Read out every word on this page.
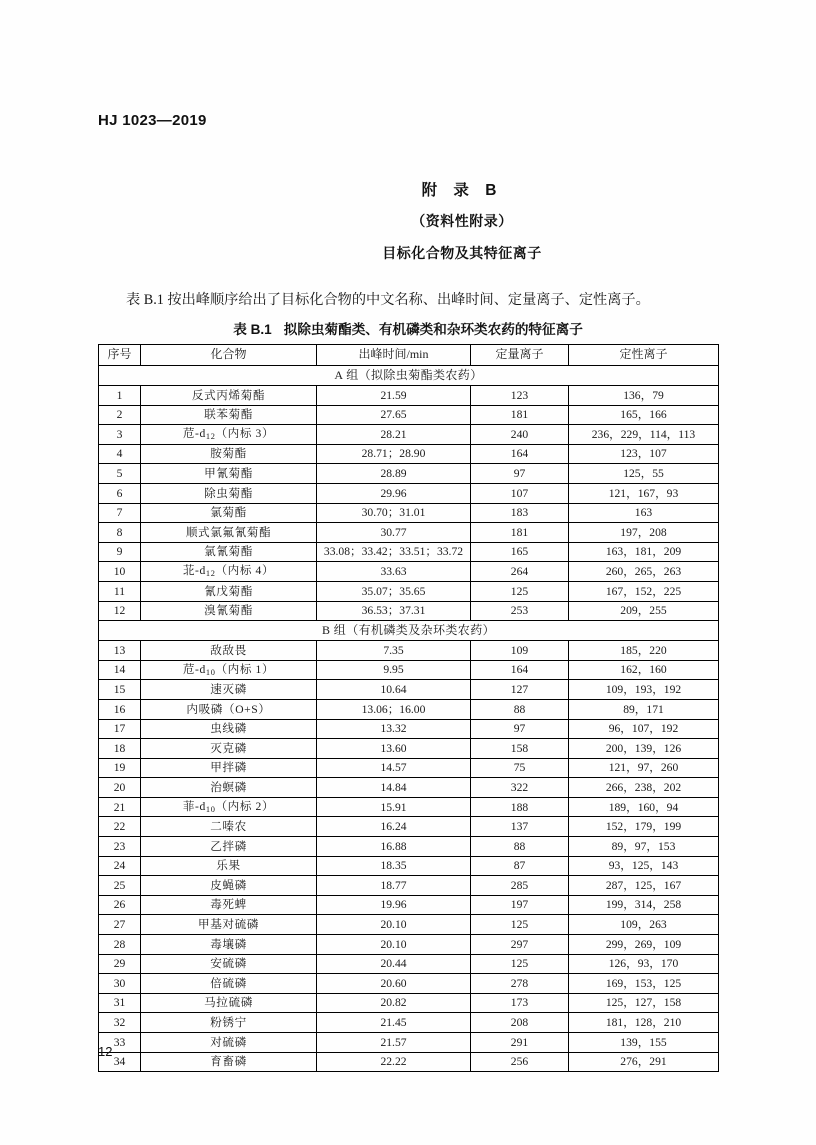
HJ 1023—2019
附 录 B
（资料性附录）
目标化合物及其特征离子
表 B.1 按出峰顺序给出了目标化合物的中文名称、出峰时间、定量离子、定性离子。
表 B.1 拟除虫菊酯类、有机磷类和杂环类农药的特征离子
序号	化合物	出峰时间/min	定量离子	定性离子
A 组（拟除虫菊酯类农药）				
1	反式丙烯菊酯	21.59	123	136，79
2	联苯菊酯	27.65	181	165，166
3	苊$-d_{12}$（内标 3）	28.21	240	236，229，114，113
4	胺菊酯	28.71；28.90	164	123，107
5	甲氰菊酯	28.89	97	125，55
6	除虫菊酯	29.96	107	121，167，93
7	氯菊酯	30.70；31.01	183	163
8	顺式氯氟氰菊酯	30.77	181	197，208
9	氯氰菊酯	33.08；33.42；33.51；33.72	165	163，181，209
10	苝$-d_{12}$（内标 4）	33.63	264	260，265，263
11	氰戊菊酯	35.07；35.65	125	167，152，225
12	溴氰菊酯	36.53；37.31	253	209，255
B 组（有机磷类及杂环类农药）				
13	敌敌畏	7.35	109	185，220
14	苊$-d_{10}$（内标 1）	9.95	164	162，160
15	速灭磷	10.64	127	109，193，192
16	内吸磷（O+S）	13.06；16.00	88	89，171
17	虫线磷	13.32	97	96，107，192
18	灭克磷	13.60	158	200，139，126
19	甲拌磷	14.57	75	121，97，260
20	治螟磷	14.84	322	266，238，202
21	菲$-d_{10}$（内标 2）	15.91	188	189，160，94
22	二嗪农	16.24	137	152，179，199
23	乙拌磷	16.88	88	89，97，153
24	乐果	18.35	87	93，125，143
25	皮蝇磷	18.77	285	287，125，167
26	毒死蜱	19.96	197	199，314，258
27	甲基对硫磷	20.10	125	109，263
28	毒壤磷	20.10	297	299，269，109
29	安硫磷	20.44	125	126，93，170
30	倍硫磷	20.60	278	169，153，125
31	马拉硫磷	20.82	173	125，127，158
32	粉锈宁	21.45	208	181，128，210
33	对硫磷	21.57	291	139，155
34	育畜磷	22.22	256	276，291
12
